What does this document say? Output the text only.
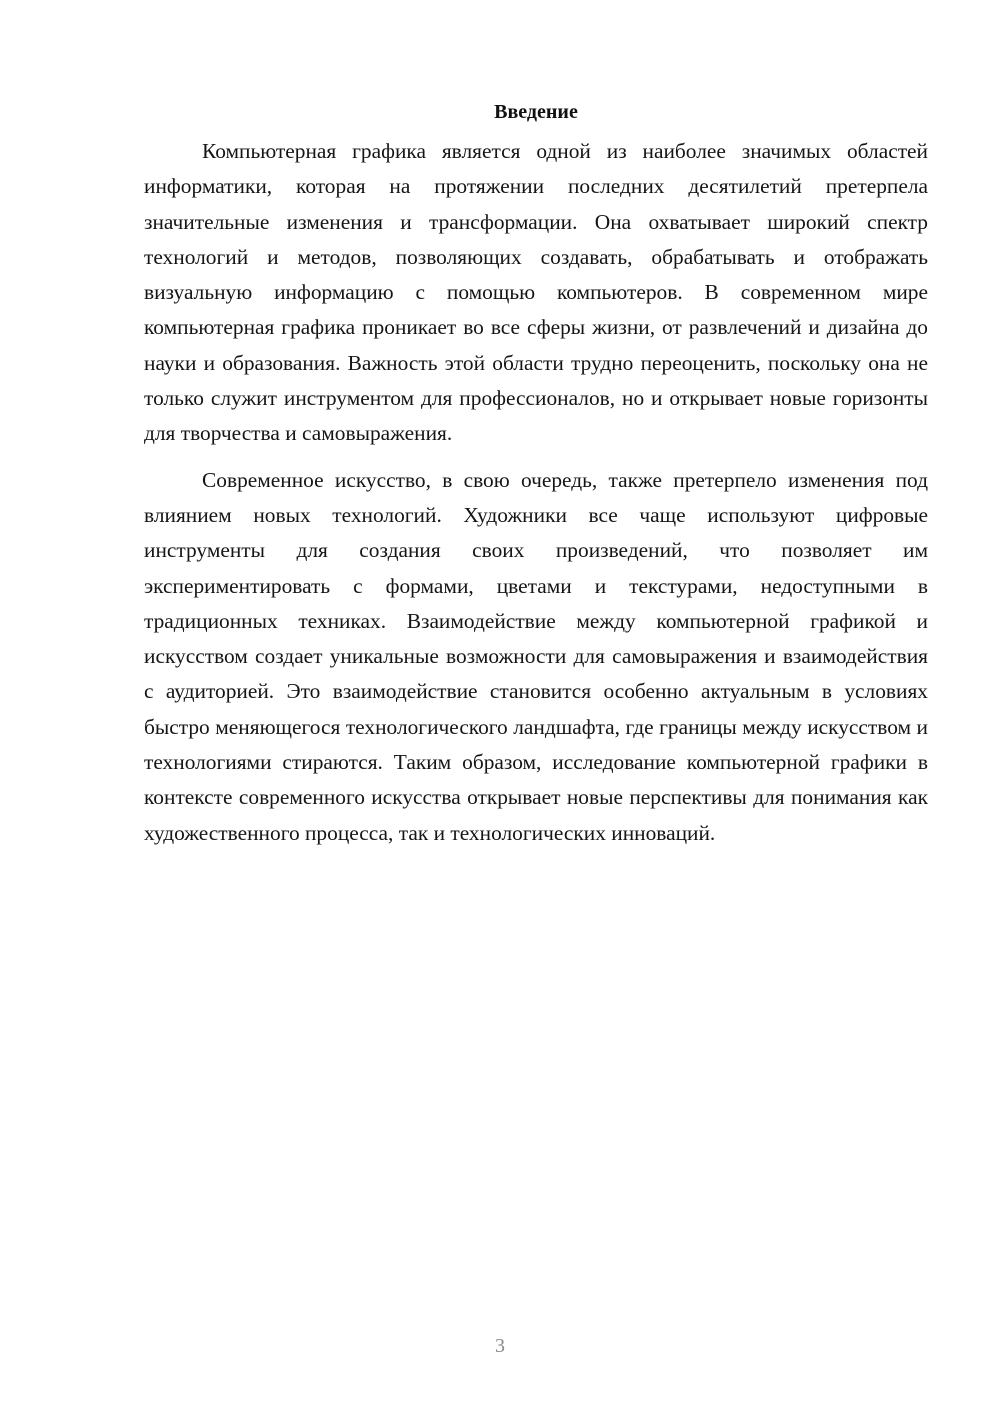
Введение

Компьютерная графика является одной из наиболее значимых областей информатики, которая на протяжении последних десятилетий претерпела значительные изменения и трансформации. Она охватывает широкий спектр технологий и методов, позволяющих создавать, обрабатывать и отображать визуальную информацию с помощью компьютеров. В современном мире компьютерная графика проникает во все сферы жизни, от развлечений и дизайна до науки и образования. Важность этой области трудно переоценить, поскольку она не только служит инструментом для профессионалов, но и открывает новые горизонты для творчества и самовыражения.

Современное искусство, в свою очередь, также претерпело изменения под влиянием новых технологий. Художники все чаще используют цифровые инструменты для создания своих произведений, что позволяет им экспериментировать с формами, цветами и текстурами, недоступными в традиционных техниках. Взаимодействие между компьютерной графикой и искусством создает уникальные возможности для самовыражения и взаимодействия с аудиторией. Это взаимодействие становится особенно актуальным в условиях быстро меняющегося технологического ландшафта, где границы между искусством и технологиями стираются. Таким образом, исследование компьютерной графики в контексте современного искусства открывает новые перспективы для понимания как художественного процесса, так и технологических инноваций.

3
